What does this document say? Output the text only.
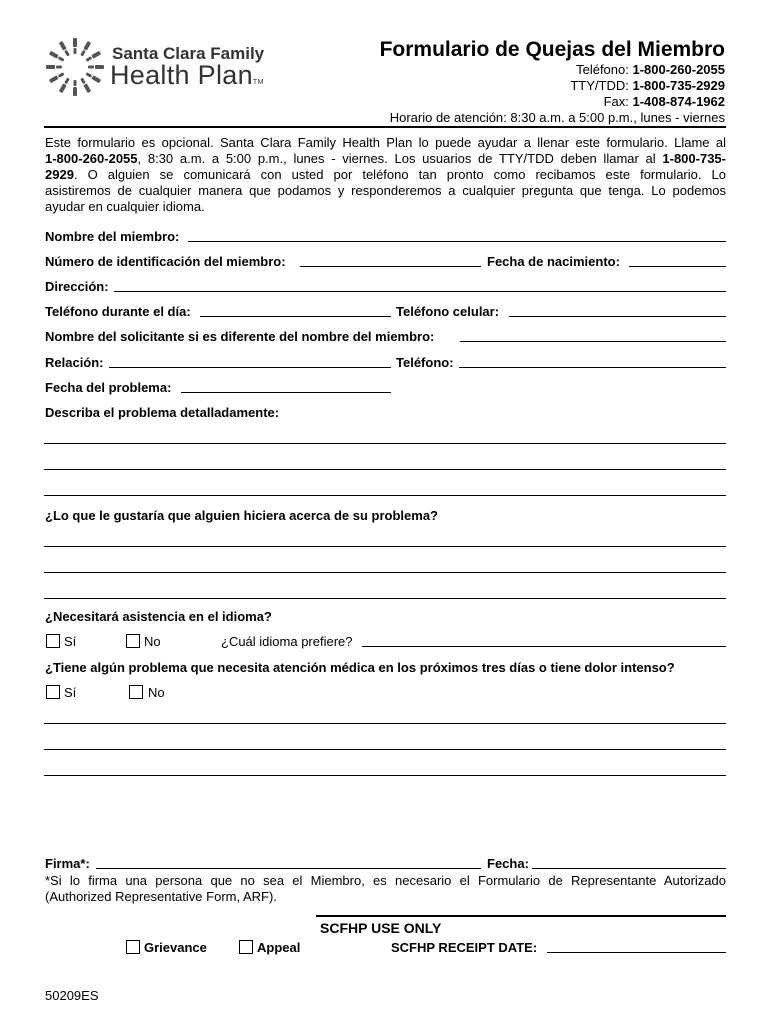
Santa Clara Family
Health PlanTM
Formulario de Quejas del Miembro
Teléfono: 1-800-260-2055
TTY/TDD: 1-800-735-2929
Fax: 1-408-874-1962
Horario de atención: 8:30 a.m. a 5:00 p.m., lunes - viernes
Este formulario es opcional. Santa Clara Family Health Plan lo puede ayudar a llenar este formulario. Llame al
1-800-260-2055, 8:30 a.m. a 5:00 p.m., lunes - viernes. Los usuarios de TTY/TDD deben llamar al 1-800-735-
2929. O alguien se comunicará con usted por teléfono tan pronto como recibamos este formulario. Lo
asistiremos de cualquier manera que podamos y responderemos a cualquier pregunta que tenga. Lo podemos
ayudar en cualquier idioma.
Nombre del miembro:
Número de identificación del miembro:	Fecha de nacimiento:
Dirección:
Teléfono durante el día:	Teléfono celular:
Nombre del solicitante si es diferente del nombre del miembro:
Relación:	Teléfono:
Fecha del problema:
Describa el problema detalladamente:
¿Lo que le gustaría que alguien hiciera acerca de su problema?
¿Necesitará asistencia en el idioma?
Sí	No	¿Cuál idioma prefiere?
¿Tiene algún problema que necesita atención médica en los próximos tres días o tiene dolor intenso?
Sí	No
Firma*:	Fecha:
*Si lo firma una persona que no sea el Miembro, es necesario el Formulario de Representante Autorizado
(Authorized Representative Form, ARF).
SCFHP USE ONLY
Grievance	Appeal	SCFHP RECEIPT DATE:
50209ES
